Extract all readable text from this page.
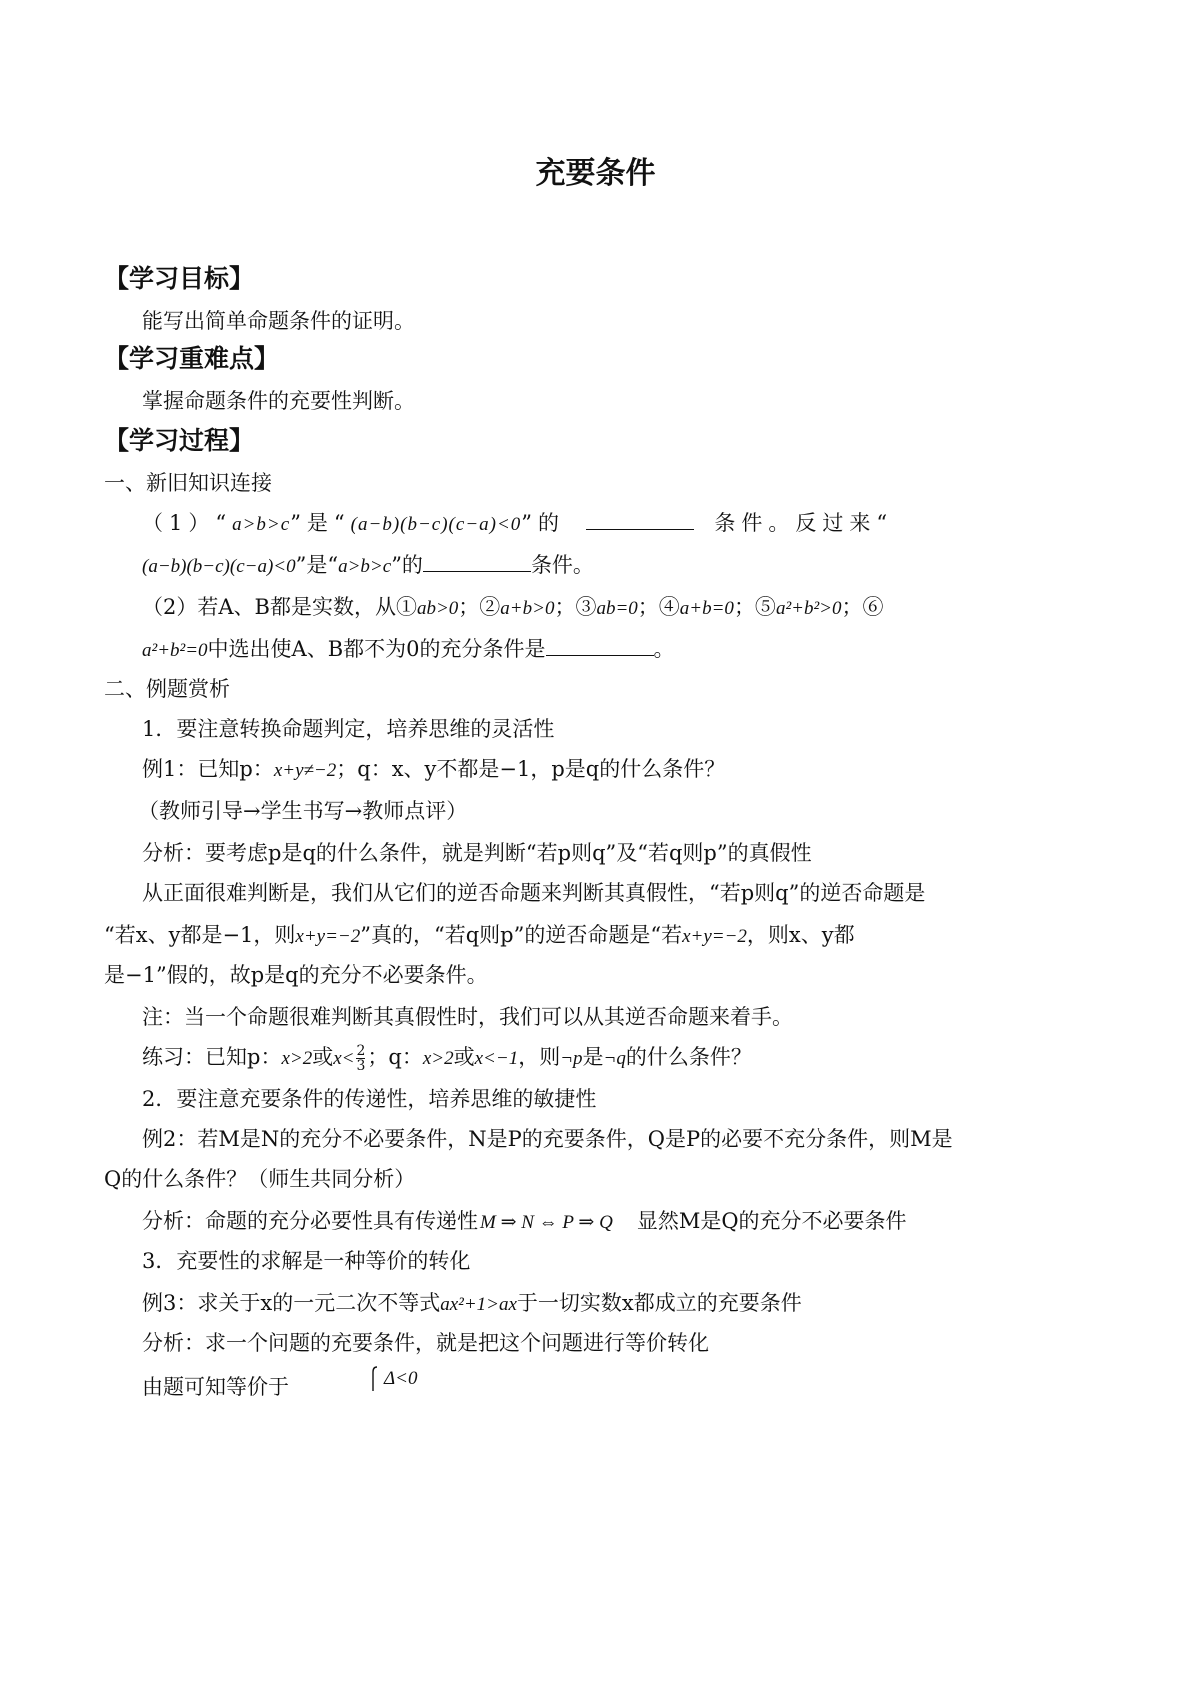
充要条件
【学习目标】
能写出简单命题条件的证明。
【学习重难点】
掌握命题条件的充要性判断。
【学习过程】
一、新旧知识连接
（1）“a>b>c”是“(a−b)(b−c)(c−a)<0”的	条件。反过来“
(a−b)(b−c)(c−a)<0”是“a>b>c”的	条件。
（2）若A、B都是实数，从①ab>0；②a+b>0；③ab=0；④a+b=0；⑤a²+b²>0；⑥
a²+b²=0中选出使A、B都不为0的充分条件是	。
二、例题赏析
1．要注意转换命题判定，培养思维的灵活性
例1：已知p：x+y≠−2；q：x、y不都是−1，p是q的什么条件？
（教师引导→学生书写→教师点评）
分析：要考虑p是q的什么条件，就是判断“若p则q”及“若q则p”的真假性
从正面很难判断是，我们从它们的逆否命题来判断其真假性，“若p则q”的逆否命题是
“若x、y都是−1，则x+y=−2”真的，“若q则p”的逆否命题是“若x+y=−2，则x、y都
是−1”假的，故p是q的充分不必要条件。
注：当一个命题很难判断其真假性时，我们可以从其逆否命题来着手。
练习：已知p：x>2或$x< \frac{2}{3}$ ；q：x>2或x<−1，则¬p是¬q的什么条件？
2．要注意充要条件的传递性，培养思维的敏捷性
例2：若M是N的充分不必要条件，N是P的充要条件，Q是P的必要不充分条件，则M是
Q的什么条件？（师生共同分析）
分析：命题的充分必要性具有传递性 M ⇒ N ⇔ P ⇒ Q 显然M是Q的充分不必要条件
3．充要性的求解是一种等价的转化
例3：求关于x的一元二次不等式ax²+1>ax于一切实数x都成立的充要条件
分析：求一个问题的充要条件，就是把这个问题进行等价转化
由题可知等价于	Δ<0
